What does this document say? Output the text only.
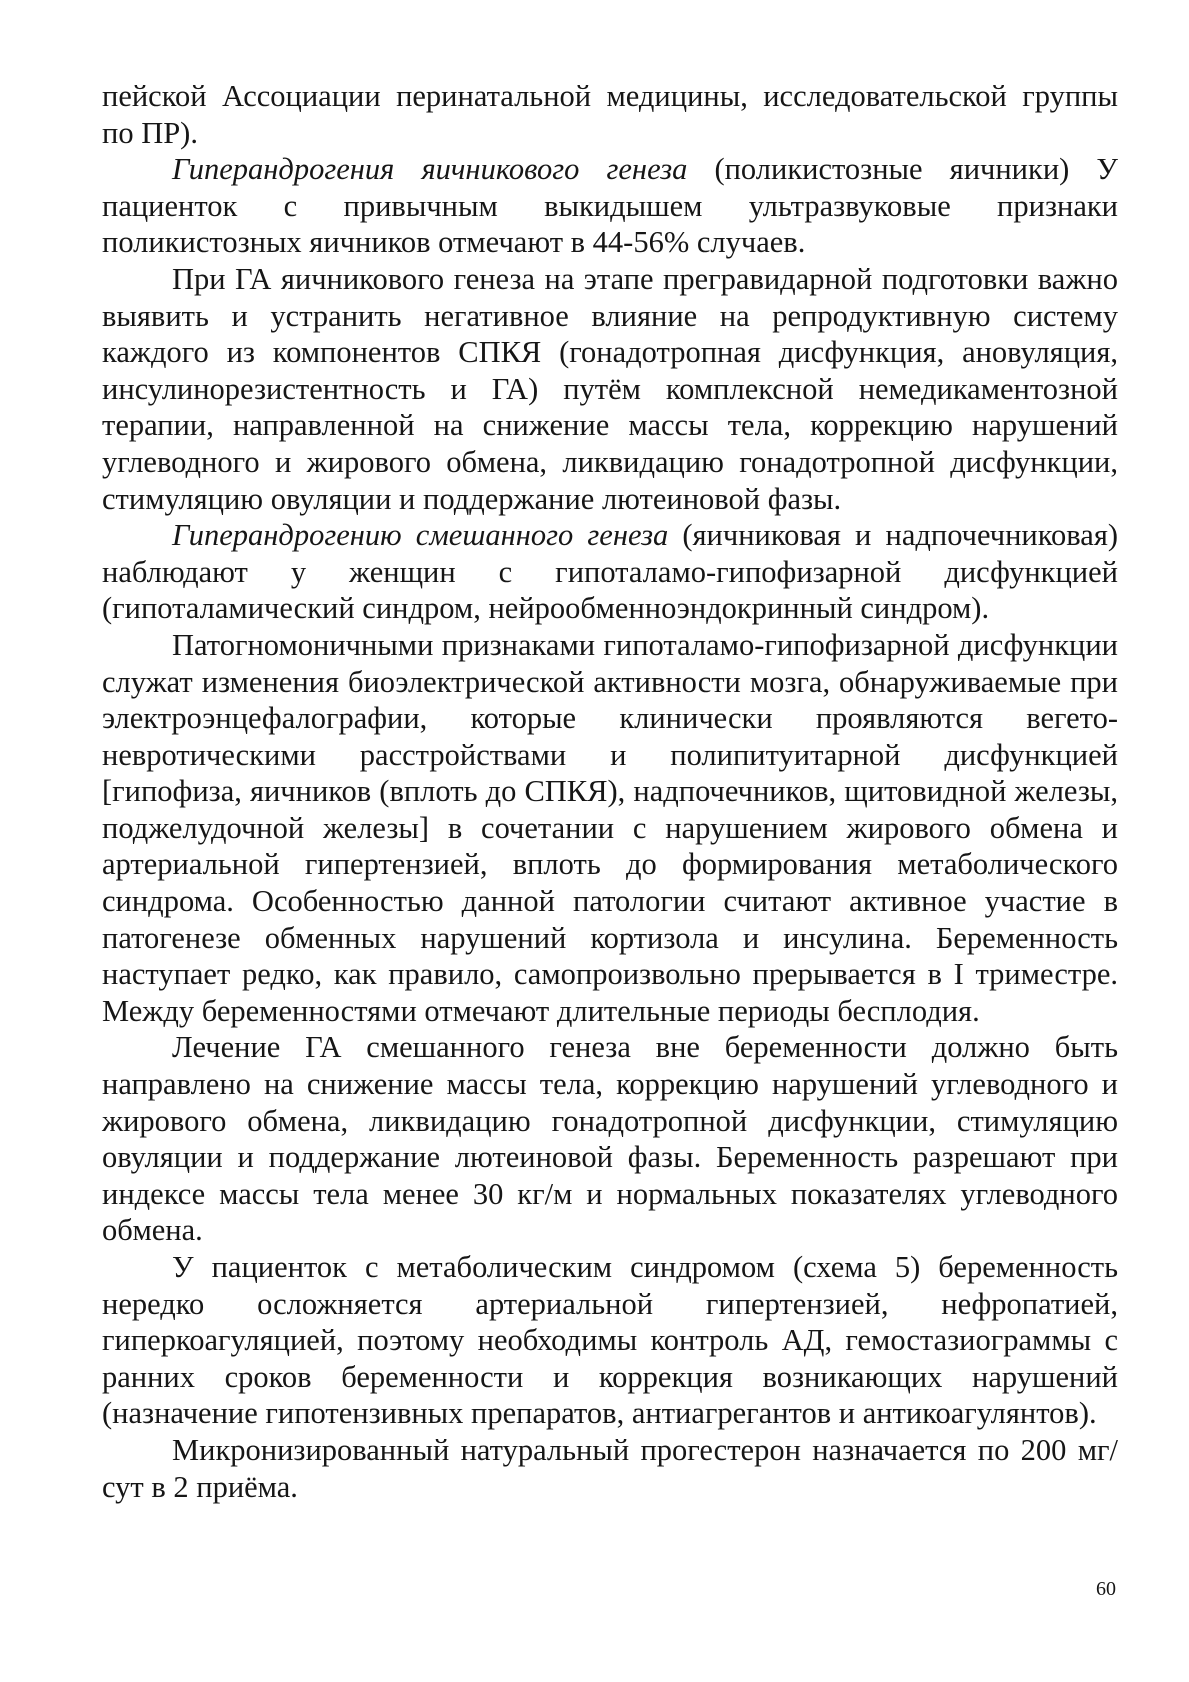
пейской Ассоциации перинатальной медицины, исследовательской группы по ПР).

Гиперандрогения яичникового генеза (поликистозные яичники) У пациенток с привычным выкидышем ультразвуковые признаки поликистозных яичников отмечают в 44-56% случаев.

При ГА яичникового генеза на этапе прегравидарной подготовки важно выявить и устранить негативное влияние на репродуктивную систему каждого из компонентов СПКЯ (гонадотропная дисфункция, ановуляция, инсулинорезистентность и ГА) путём комплексной немедикаментозной терапии, направленной на снижение массы тела, коррекцию нарушений углеводного и жирового обмена, ликвидацию гонадотропной дисфункции, стимуляцию овуляции и поддержание лютеиновой фазы.

Гиперандрогению смешанного генеза (яичниковая и надпочечниковая) наблюдают у женщин с гипоталамо-гипофизарной дисфункцией (гипоталамический синдром, нейрообменноэндокринный синдром).

Патогномоничными признаками гипоталамо-гипофизарной дисфункции служат изменения биоэлектрической активности мозга, обнаруживаемые при электроэнцефалографии, которые клинически проявляются вегето-невротическими расстройствами и полипитуитарной дисфункцией [гипофиза, яичников (вплоть до СПКЯ), надпочечников, щитовидной железы, поджелудочной железы] в сочетании с нарушением жирового обмена и артериальной гипертензией, вплоть до формирования метаболического синдрома. Особенностью данной патологии считают активное участие в патогенезе обменных нарушений кортизола и инсулина. Беременность наступает редко, как правило, самопроизвольно прерывается в I триместре. Между беременностями отмечают длительные периоды бесплодия.

Лечение ГА смешанного генеза вне беременности должно быть направлено на снижение массы тела, коррекцию нарушений углеводного и жирового обмена, ликвидацию гонадотропной дисфункции, стимуляцию овуляции и поддержание лютеиновой фазы. Беременность разрешают при индексе массы тела менее 30 кг/м и нормальных показателях углеводного обмена.

У пациенток с метаболическим синдромом (схема 5) беременность нередко осложняется артериальной гипертензией, нефропатией, гиперкоагуляцией, поэтому необходимы контроль АД, гемостазиограммы с ранних сроков беременности и коррекция возникающих нарушений (назначение гипотензивных препаратов, антиагрегантов и антикоагулянтов).

Микронизированный натуральный прогестерон назначается по 200 мг/сут в 2 приёма.

60
